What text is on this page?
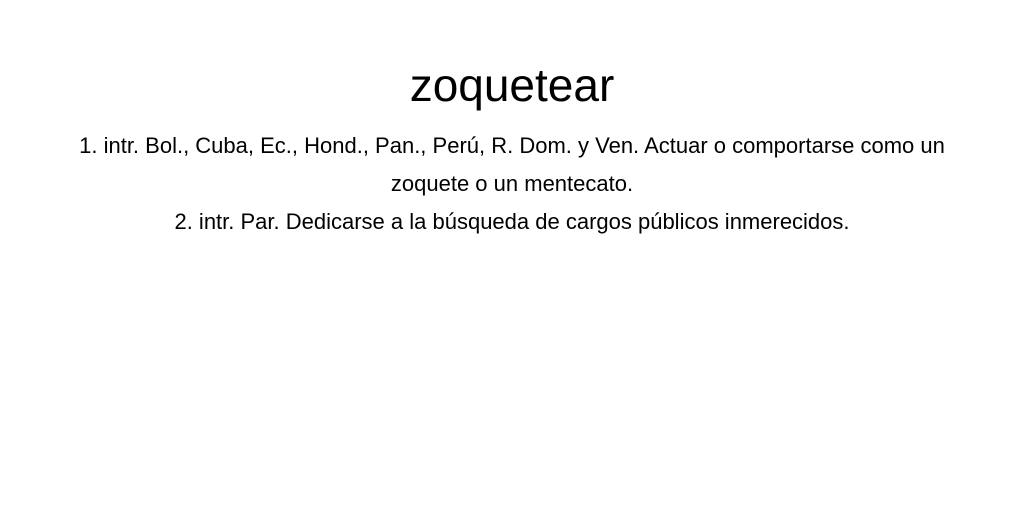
zoquetear
1. intr. Bol., Cuba, Ec., Hond., Pan., Perú, R. Dom. y Ven. Actuar o comportarse como un zoquete o un mentecato.
2. intr. Par. Dedicarse a la búsqueda de cargos públicos inmerecidos.
